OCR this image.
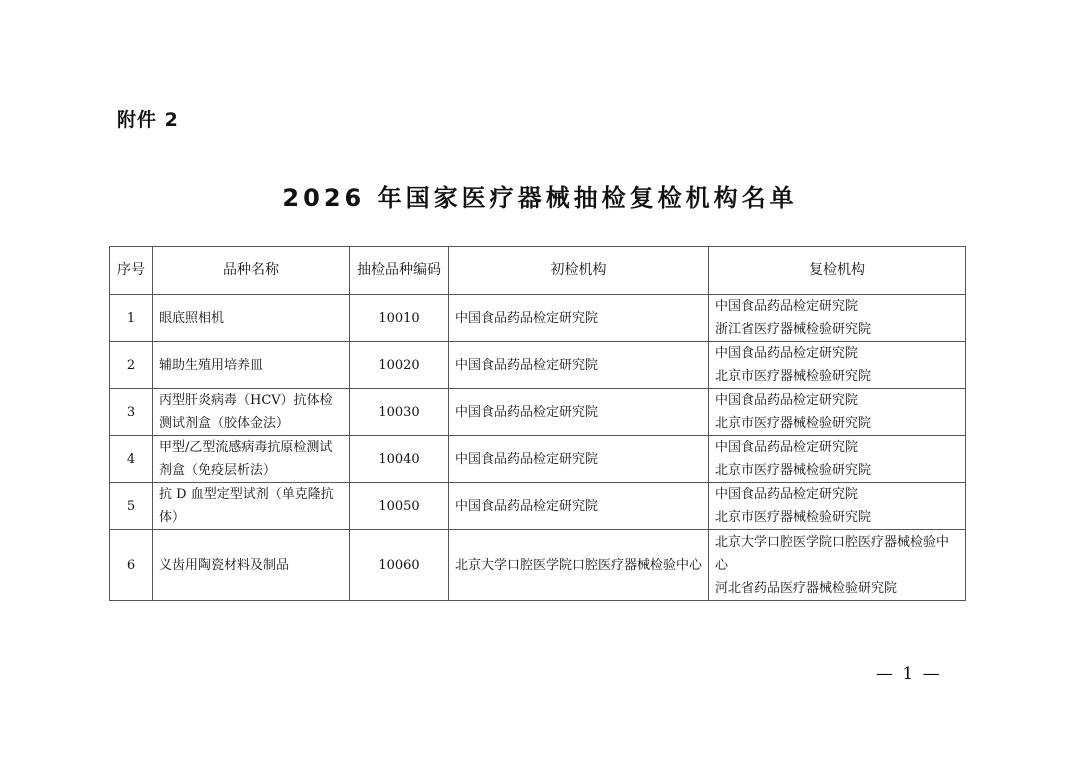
附件 2
2026 年国家医疗器械抽检复检机构名单
序号	品种名称	抽检品种编码	初检机构	复检机构
1	眼底照相机	10010	中国食品药品检定研究院	中国食品药品检定研究院
浙江省医疗器械检验研究院

2	辅助生殖用培养皿	10020	中国食品药品检定研究院	中国食品药品检定研究院
北京市医疗器械检验研究院

3	丙型肝炎病毒（HCV）抗体检测试剂盒（胶体金法）	10030	中国食品药品检定研究院	中国食品药品检定研究院
北京市医疗器械检验研究院

4	甲型/乙型流感病毒抗原检测试剂盒（免疫层析法）	10040	中国食品药品检定研究院	中国食品药品检定研究院
北京市医疗器械检验研究院

5	抗 D 血型定型试剂（单克隆抗体）	10050	中国食品药品检定研究院	中国食品药品检定研究院
北京市医疗器械检验研究院

6	义齿用陶瓷材料及制品	10060	北京大学口腔医学院口腔医疗器械检验中心	北京大学口腔医学院口腔医疗器械检验中心
河北省药品医疗器械检验研究院
— 1 —
